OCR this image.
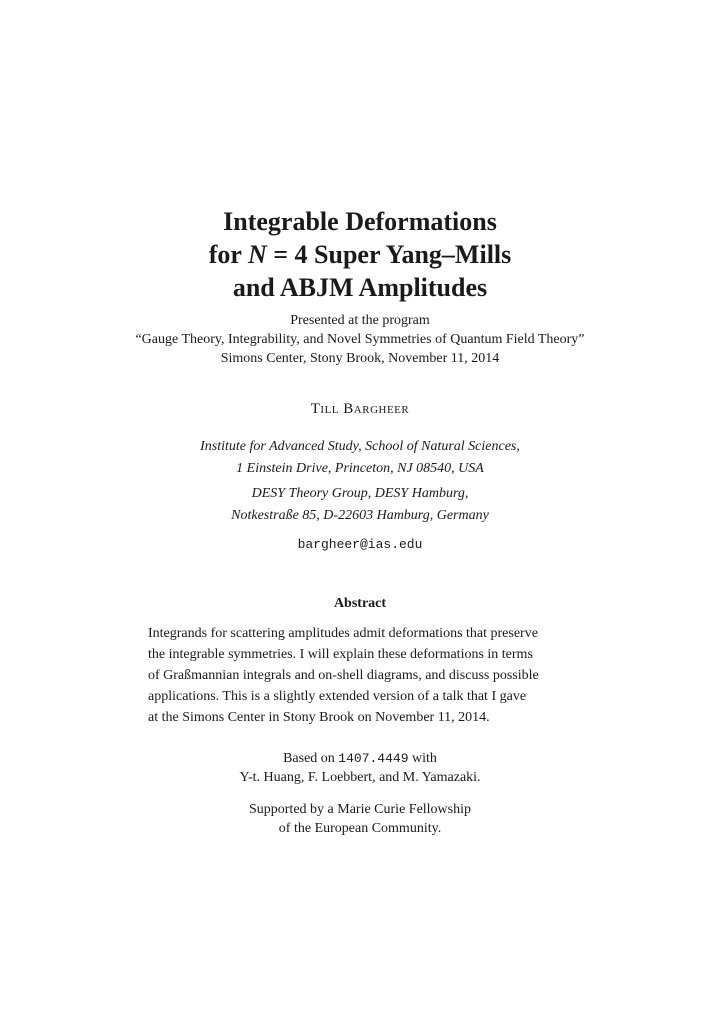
Integrable Deformations
for N = 4 Super Yang–Mills
and ABJM Amplitudes
Presented at the program
“Gauge Theory, Integrability, and Novel Symmetries of Quantum Field Theory”
Simons Center, Stony Brook, November 11, 2014
Till Bargheer
Institute for Advanced Study, School of Natural Sciences,
1 Einstein Drive, Princeton, NJ 08540, USA
DESY Theory Group, DESY Hamburg,
Notkestraße 85, D-22603 Hamburg, Germany
bargheer@ias.edu
Abstract
Integrands for scattering amplitudes admit deformations that preserve
the integrable symmetries. I will explain these deformations in terms
of Graßmannian integrals and on-shell diagrams, and discuss possible
applications. This is a slightly extended version of a talk that I gave
at the Simons Center in Stony Brook on November 11, 2014.
Based on 1407.4449 with
Y-t. Huang, F. Loebbert, and M. Yamazaki.
Supported by a Marie Curie Fellowship
of the European Community.
